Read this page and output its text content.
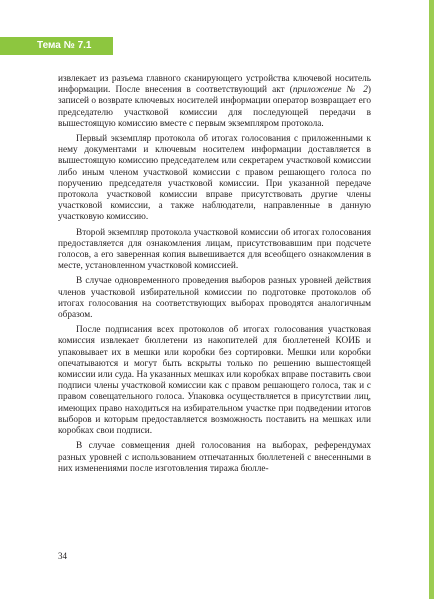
Тема № 7.1

извлекает из разъема главного сканирующего устройства ключевой носитель информации. После внесения в соответствующий акт (приложение № 2) записей о возврате ключевых носителей информации оператор возвращает его председателю участковой комиссии для последующей передачи в вышестоящую комиссию вместе с первым экземпляром протокола.

Первый экземпляр протокола об итогах голосования с приложенными к нему документами и ключевым носителем информации доставляется в вышестоящую комиссию председателем или секретарем участковой комиссии либо иным членом участковой комиссии с правом решающего голоса по поручению председателя участковой комиссии. При указанной передаче протокола участковой комиссии вправе присутствовать другие члены участковой комиссии, а также наблюдатели, направленные в данную участковую комиссию.

Второй экземпляр протокола участковой комиссии об итогах голосования предоставляется для ознакомления лицам, присутствовавшим при подсчете голосов, а его заверенная копия вывешивается для всеобщего ознакомления в месте, установленном участковой комиссией.

В случае одновременного проведения выборов разных уровней действия членов участковой избирательной комиссии по подготовке протоколов об итогах голосования на соответствующих выборах проводятся аналогичным образом.

После подписания всех протоколов об итогах голосования участковая комиссия извлекает бюллетени из накопителей для бюллетеней КОИБ и упаковывает их в мешки или коробки без сортировки. Мешки или коробки опечатываются и могут быть вскрыты только по решению вышестоящей комиссии или суда. На указанных мешках или коробках вправе поставить свои подписи члены участковой комиссии как с правом решающего голоса, так и с правом совещательного голоса. Упаковка осуществляется в присутствии лиц, имеющих право находиться на избирательном участке при подведении итогов выборов и которым предоставляется возможность поставить на мешках или коробках свои подписи.

В случае совмещения дней голосования на выборах, референдумах разных уровней с использованием отпечатанных бюллетеней с внесенными в них изменениями после изготовления тиража бюлле-

34
